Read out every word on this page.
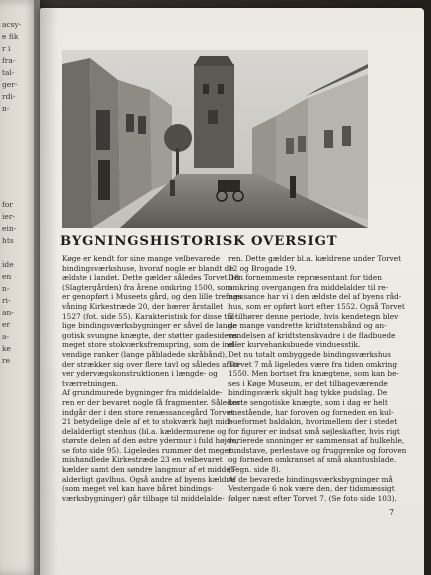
acsy-
e fik
r i
fra-
tal-
ger-
rdi-
n-
for
ier-
ein-
hts
ide
en
n-
ri-
an-
er
a-
ke
re
BYGNINGSHISTORISK OVERSIGT
Køge er kendt for sine mange velbevarede
bindingsværkshuse, hvoraf nogle er blandt de
ældste i landet. Dette gælder således Torvet 18
(Slagtergården) fra årene omkring 1500, som
er genopført i Museets gård, og den lille trefags
våning Kirkestræde 20, der bærer årstallet
1527 (fot. side 55). Karakteristisk for disse tid-
lige bindingsværksbygninger er såvel de lange
gotisk svungne knægte, der støtter gadesidens
meget store stokværksfremspring, som de ind-
vendige ranker (lange påbladede skråbånd),
der strækker sig over flere tavl og således afsti-
ver ydervægskonstruktionen i længde- og
tværretningen.
Af grundmurede bygninger fra middelalde-
ren er der bevaret nogle få fragmenter. Således
indgår der i den store renæssancegård Torvet
21 betydelige dele af et to stokværk højt mid-
delalderligt stenhus (bl.a. kældermurene og
største delen af den østre ydermur i fuld højde,
se foto side 95). Ligeledes rummer det meget
mishandlede Kirkestræde 23 en velbevaret
kælder samt den søndre langmur af et middel-
alderligt gavlhus. Også andre af byens kældre
(som meget vel kan have båret bindings-
værksbygninger) går tilbage til middelalde-
ren. Dette gælder bl.a. kældrene under Torvet
12 og Brogade 19.
Den fornemmeste repræsentant for tiden
omkring overgangen fra middelalder til re-
næssance har vi i den ældste del af byens råd-
hus, som er opført kort efter 1552. Også Torvet
5 tilhører denne periode, hvis kendetegn blev
de mange vandrette kridtstensbånd og an-
vendelsen af kridtstenskvadre i de fladbuede
eller kurvehanksbuede vinduesstik.
Det nu totalt ombyggede bindingsværkshus
Torvet 7 må ligeledes være fra tiden omkring
1550. Men bortset fra knægtene, som kan be-
ses i Køge Museum, er det tilbageværende
bindingsværk skjult bag tykke pudslag. De
korte sengotiske knægte, som i dag er helt
enestående, har foroven og forneden en kul-
bueformet baldakin, hvorimellem der i stedet
for figurer er indsat små søjleskafter, hvis rigt
varierede snoninger er sammensat af hulkehle,
rundstave, perlestave og fruggrenke og foroven
og forneden omkranset af små akantusblade.
(Tegn. side 8).
Af de bevarede bindingsværksbygninger må
Vestergade 6 nok være den, der tidsmæssigt
følger næst efter Torvet 7. (Se foto side 103).
7
